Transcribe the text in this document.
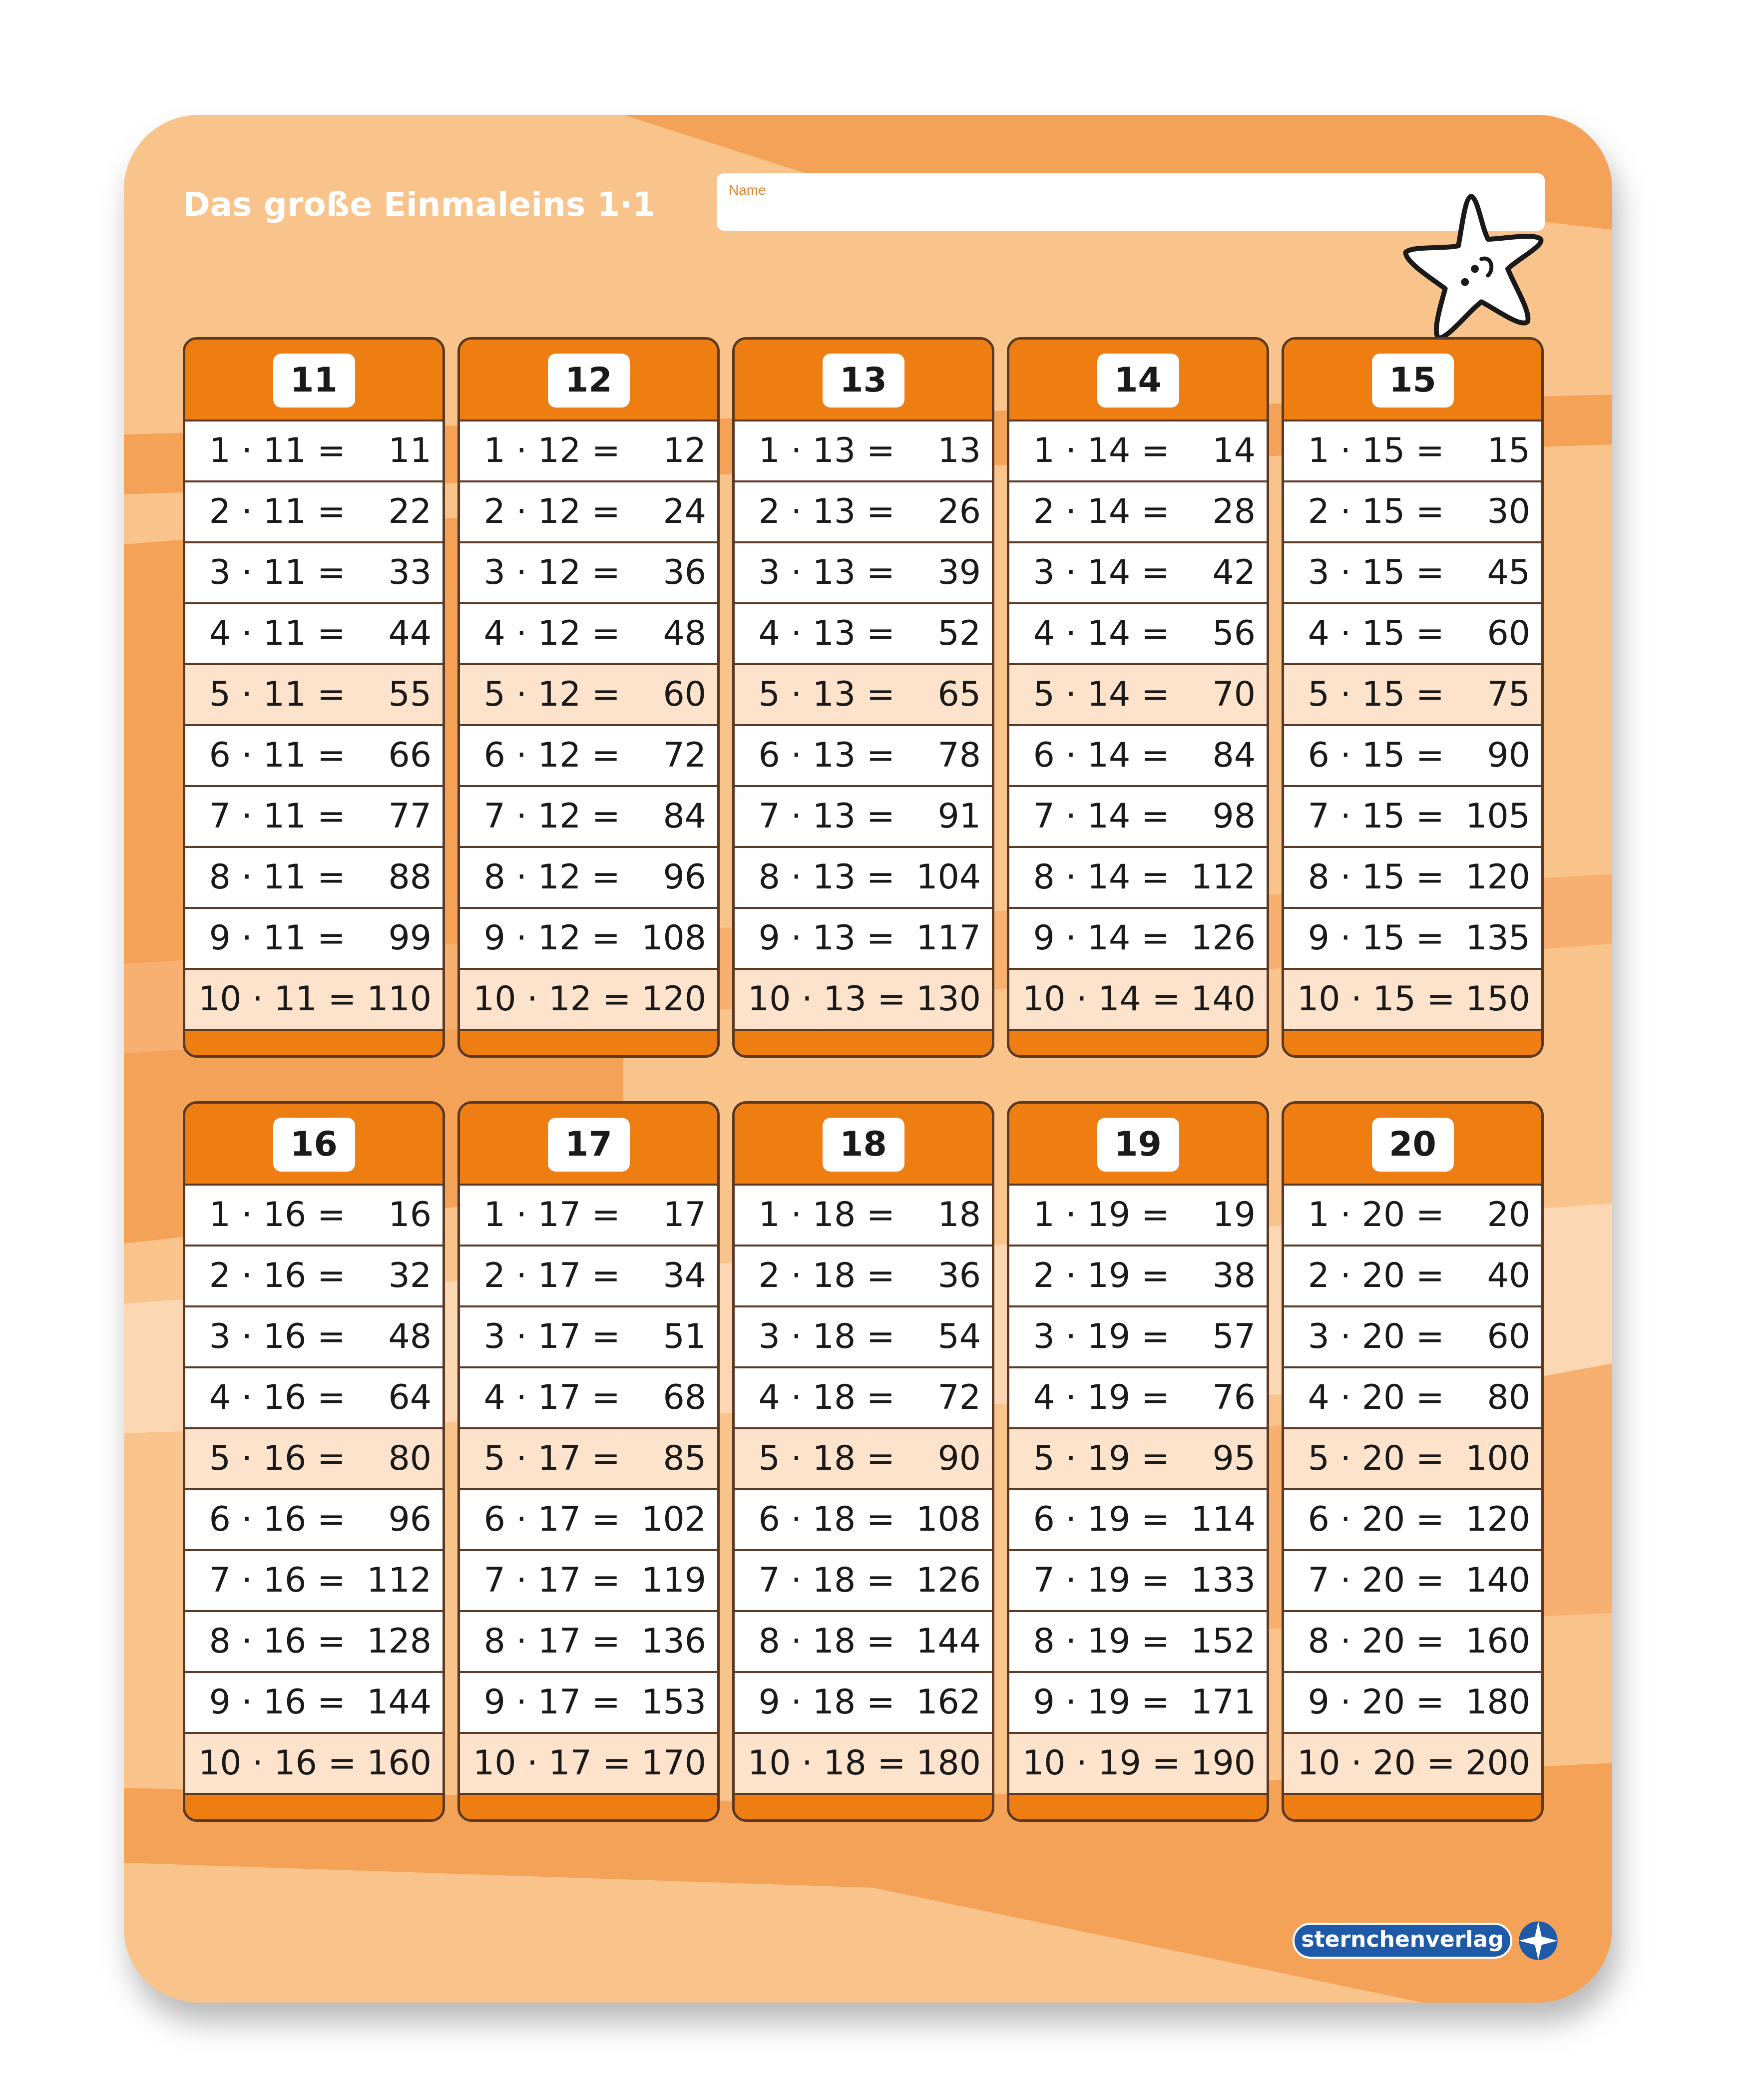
Das große Einmaleins 1·1	Name
11
1 · 11 = 11
2 · 11 = 22
3 · 11 = 33
4 · 11 = 44
5 · 11 = 55
6 · 11 = 66
7 · 11 = 77
8 · 11 = 88
9 · 11 = 99
10 · 11 = 110
12
1 · 12 = 12
2 · 12 = 24
3 · 12 = 36
4 · 12 = 48
5 · 12 = 60
6 · 12 = 72
7 · 12 = 84
8 · 12 = 96
9 · 12 = 108
10 · 12 = 120
13
1 · 13 = 13
2 · 13 = 26
3 · 13 = 39
4 · 13 = 52
5 · 13 = 65
6 · 13 = 78
7 · 13 = 91
8 · 13 = 104
9 · 13 = 117
10 · 13 = 130
14
1 · 14 = 14
2 · 14 = 28
3 · 14 = 42
4 · 14 = 56
5 · 14 = 70
6 · 14 = 84
7 · 14 = 98
8 · 14 = 112
9 · 14 = 126
10 · 14 = 140
15
1 · 15 = 15
2 · 15 = 30
3 · 15 = 45
4 · 15 = 60
5 · 15 = 75
6 · 15 = 90
7 · 15 = 105
8 · 15 = 120
9 · 15 = 135
10 · 15 = 150
16
1 · 16 = 16
2 · 16 = 32
3 · 16 = 48
4 · 16 = 64
5 · 16 = 80
6 · 16 = 96
7 · 16 = 112
8 · 16 = 128
9 · 16 = 144
10 · 16 = 160
17
1 · 17 = 17
2 · 17 = 34
3 · 17 = 51
4 · 17 = 68
5 · 17 = 85
6 · 17 = 102
7 · 17 = 119
8 · 17 = 136
9 · 17 = 153
10 · 17 = 170
18
1 · 18 = 18
2 · 18 = 36
3 · 18 = 54
4 · 18 = 72
5 · 18 = 90
6 · 18 = 108
7 · 18 = 126
8 · 18 = 144
9 · 18 = 162
10 · 18 = 180
19
1 · 19 = 19
2 · 19 = 38
3 · 19 = 57
4 · 19 = 76
5 · 19 = 95
6 · 19 = 114
7 · 19 = 133
8 · 19 = 152
9 · 19 = 171
10 · 19 = 190
20
1 · 20 = 20
2 · 20 = 40
3 · 20 = 60
4 · 20 = 80
5 · 20 = 100
6 · 20 = 120
7 · 20 = 140
8 · 20 = 160
9 · 20 = 180
10 · 20 = 200
sternchenverlag
